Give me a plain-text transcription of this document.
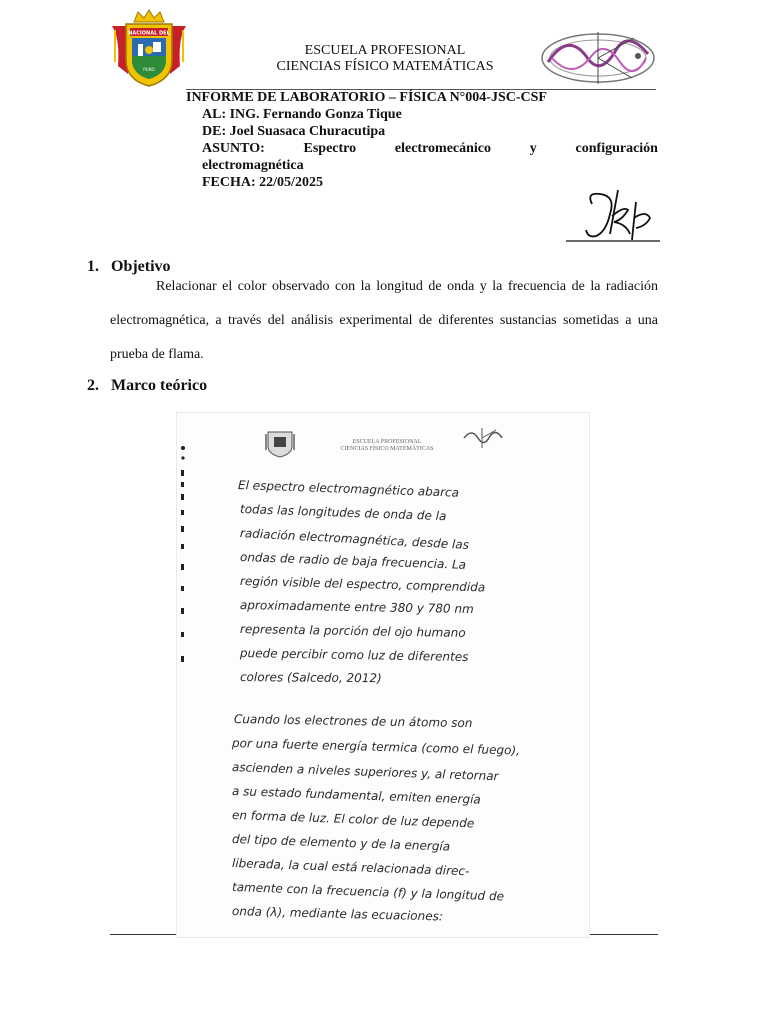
NACIONAL DEL
PUNO
ESCUELA PROFESIONAL
CIENCIAS FÍSICO MATEMÁTICAS
INFORME DE LABORATORIO – FÍSICA N°004-JSC-CSF
AL: ING. Fernando Gonza Tique
DE: Joel Suasaca Churacutipa
ASUNTO:	Espectro	electromecánico	y	configuración
electromagnética
FECHA: 22/05/2025
1. Objetivo
Relacionar el color observado con la longitud de onda y la frecuencia de la radiación electromagnética, a través del análisis experimental de diferentes sustancias sometidas a una prueba de flama.
2. Marco teórico
ESCUELA PROFESIONAL
CIENCIAS FÍSICO MATEMÁTICAS
El espectro electromagnético abarca
todas las longitudes de onda de la
radiación electromagnética, desde las
ondas de radio de baja frecuencia. La
región visible del espectro, comprendida
aproximadamente entre 380 y 780 nm
representa la porción del ojo humano
puede percibir como luz de diferentes
colores (Salcedo, 2012)
Cuando los electrones de un átomo son
por una fuerte energía termica (como el fuego),
ascienden a niveles superiores y, al retornar
a su estado fundamental, emiten energía
en forma de luz. El color de luz depende
del tipo de elemento y de la energía
liberada, la cual está relacionada direc-
tamente con la frecuencia (f) y la longitud de
onda (λ), mediante las ecuaciones:
